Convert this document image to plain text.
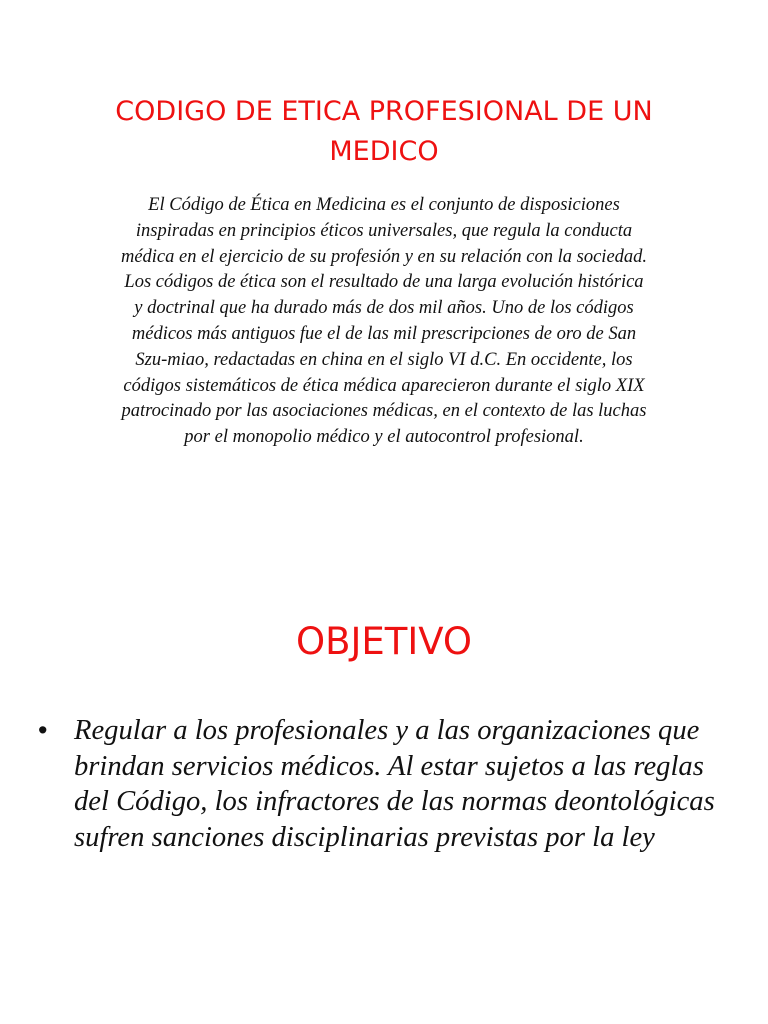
CODIGO DE ETICA PROFESIONAL DE UN MEDICO

El Código de Ética en Medicina es el conjunto de disposiciones inspiradas en principios éticos universales, que regula la conducta médica en el ejercicio de su profesión y en su relación con la sociedad. Los códigos de ética son el resultado de una larga evolución histórica y doctrinal que ha durado más de dos mil años. Uno de los códigos médicos más antiguos fue el de las mil prescripciones de oro de San Szu-miao, redactadas en china en el siglo VI d.C. En occidente, los códigos sistemáticos de ética médica aparecieron durante el siglo XIX patrocinado por las asociaciones médicas, en el contexto de las luchas por el monopolio médico y el autocontrol profesional.

OBJETIVO
• Regular a los profesionales y a las organizaciones que brindan servicios médicos. Al estar sujetos a las reglas del Código, los infractores de las normas deontológicas sufren sanciones disciplinarias previstas por la ley
